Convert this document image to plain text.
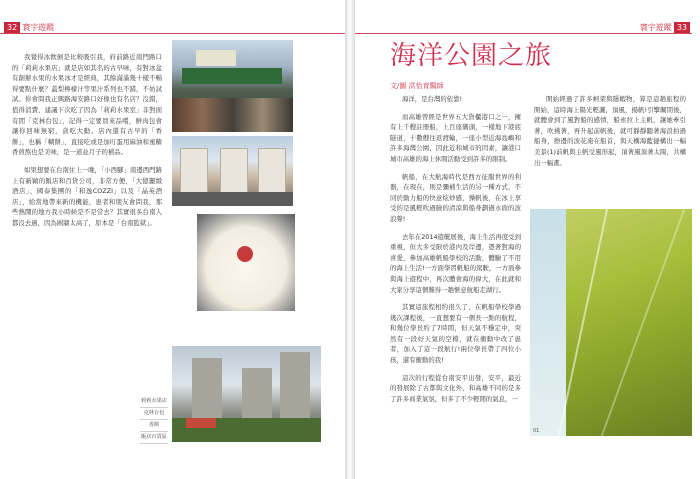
32 寰宇遊蹤

我覺得冰飲倒是比較吸引我，府前路近南門路口的「莉莉水果店」就是店如其名的古早味，有對冰盆有創辦水果的水果冰才是經典，其餘滿滿幾十樣不暢得要點什麼？蓋梨檸檬汁等果汁系列也不錯，不妨試試。你會問我正興路海安路口好像也有名店？沒錯，值得消費，建議下次吃了因為「莉莉水果室」非對面有間「克林台包」，記得一定要買來品嚐，鮮肉包會讓你回味無窮，貪吃大動。店內還有古早的「香餅」，也稱「糊餅」，直接吃或是加叮蛋用麻油和蜜糖香煎熬也是美味，是一道並月子的補品。

如果想要在台南住上一晚，「小西腳」南邊西門路上有新穎的飯店和百貨公司，非常方便，「大億麗緻酒店」、國泰集團的「和逸COZZI」以及「晶英酒店」，給當地帶來新的機能，患者和朋友會問我，那些熱鬧的地方我小時候是不是常去？其實很多台南人都沒去過，因為圍牆太高了，原本是「台南監獄」。

莉莉水果店
克林台包
香餅
飯店百貨區
寰宇遊蹤 33
海洋公園之旅
文/圖 洪怡育醫師

海洋，是台灣的依靠!

而高雄曾經是世界五大貨櫃港口之一，擁有上千艘註冊船，上百座碼頭，一樣地下港底隧道，十數艘往返渡輪，一座小型近海島嶼和許多海灣公園，因此近和城市的因素，讓港口城市高雄的海上休閒活動受到許多的限制。

帆船，在大航海時代是西方征服世界的利器，在現在，則是彌補生活的另一種方式，不同於動力船的快意炫炒感，操帆後，在冰上享受的是風輕吹過臉的清涼與船身劃過水面的波浪聲!

去年在2014遊艇展後，海上生活再度受到重視，但大多受限於港內及岸邊，憑著對海的喜愛，參加高雄帆船學校的活動，體驗了不用的海上生活!一方面學習帆船的駕駛，一方面參與海上遊程中，再次體會海的偉大，在此就和大家分享這個難得一趟愜意航船走湖行。

其實這旅程相約很久了，在帆船學校學過幾次課程後，一直想要有一個長一點的航程，和幾位學長約了7時間，但天氣不穩定中，突然有一段好天氣的空檔，就在衝動中改了患者，加入了這一段航行!兩位學長帶了四位小孩，還有衝動的我!

這次的行程從台南安平出發，安平，最近的發展除了古都與文化外，和高雄不同的是多了許多商業氣氛，但多了不少輕閒的氣息，一

開始經過了許多蚵架與隱蝦物，算是這趟旅程的開始，這時海上陽光輕灑，頂風，揚帆!引擎關閉後，就體會到了風對船的感情，船索拉上主帆，讓她牽引著，吹拂著，再升起前帆後，就可靜靜聽著海浪拍過船身，擦邊的波花淹在船首，與天構海藍捷構出一幅美景(1)前帆與主帆受風形起，頂著風頂著太陽，共構出一幅畫。

01
